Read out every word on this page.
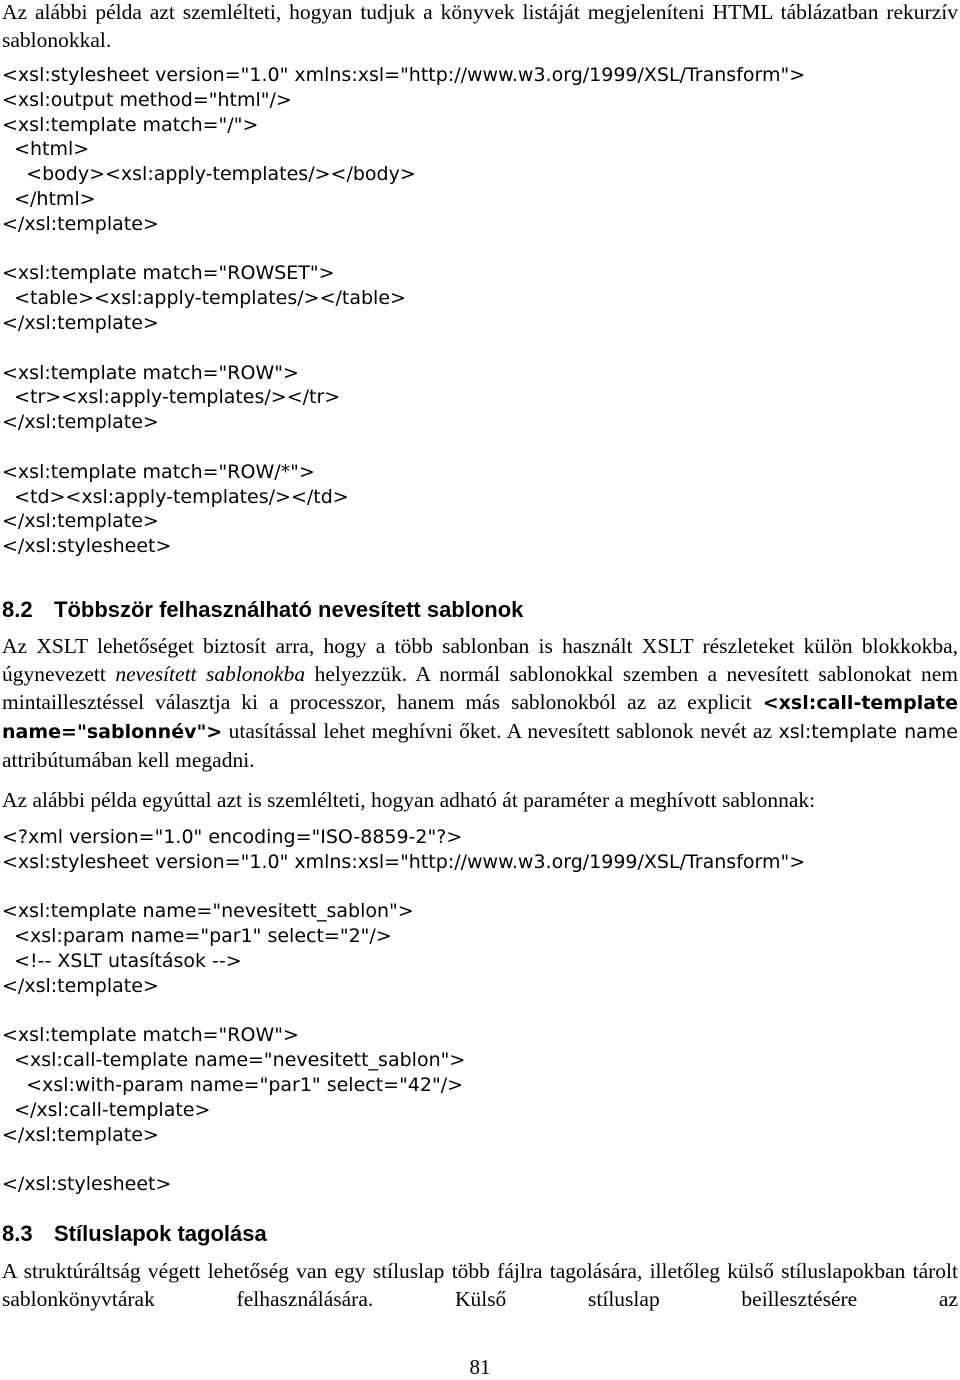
Az alábbi példa azt szemlélteti, hogyan tudjuk a könyvek listáját megjeleníteni HTML táblázatban rekurzív sablonokkal.

<xsl:stylesheet version="1.0" xmlns:xsl="http://www.w3.org/1999/XSL/Transform">
<xsl:output method="html"/>
<xsl:template match="/">
<html>
<body><xsl:apply-templates/></body>
</html>
</xsl:template>

<xsl:template match="ROWSET">
<table><xsl:apply-templates/></table>
</xsl:template>

<xsl:template match="ROW">
<tr><xsl:apply-templates/></tr>
</xsl:template>

<xsl:template match="ROW/*">
<td><xsl:apply-templates/></td>
</xsl:template>
</xsl:stylesheet>
8.2 Többször felhasználható nevesített sablonok

Az XSLT lehetőséget biztosít arra, hogy a több sablonban is használt XSLT részleteket külön blokkokba, úgynevezett nevesített sablonokba helyezzük. A normál sablonokkal szemben a nevesített sablonokat nem mintaillesztéssel választja ki a processzor, hanem más sablonokból az az explicit <xsl:call-template name="sablonnév"> utasítással lehet meghívni őket. A nevesített sablonok nevét az xsl:template name attribútumában kell megadni.

Az alábbi példa egyúttal azt is szemlélteti, hogyan adható át paraméter a meghívott sablonnak:

<?xml version="1.0" encoding="ISO-8859-2"?>
<xsl:stylesheet version="1.0" xmlns:xsl="http://www.w3.org/1999/XSL/Transform">

<xsl:template name="nevesitett_sablon">
<xsl:param name="par1" select="2"/>
<!-- XSLT utasítások -->
</xsl:template>

<xsl:template match="ROW">
<xsl:call-template name="nevesitett_sablon">
<xsl:with-param name="par1" select="42"/>
</xsl:call-template>
</xsl:template>

</xsl:stylesheet>
8.3 Stíluslapok tagolása

A struktúráltság végett lehetőség van egy stíluslap több fájlra tagolására, illetőleg külső stíluslapokban tárolt sablonkönyvtárak felhasználására. Külső stíluslap beillesztésére az

81
